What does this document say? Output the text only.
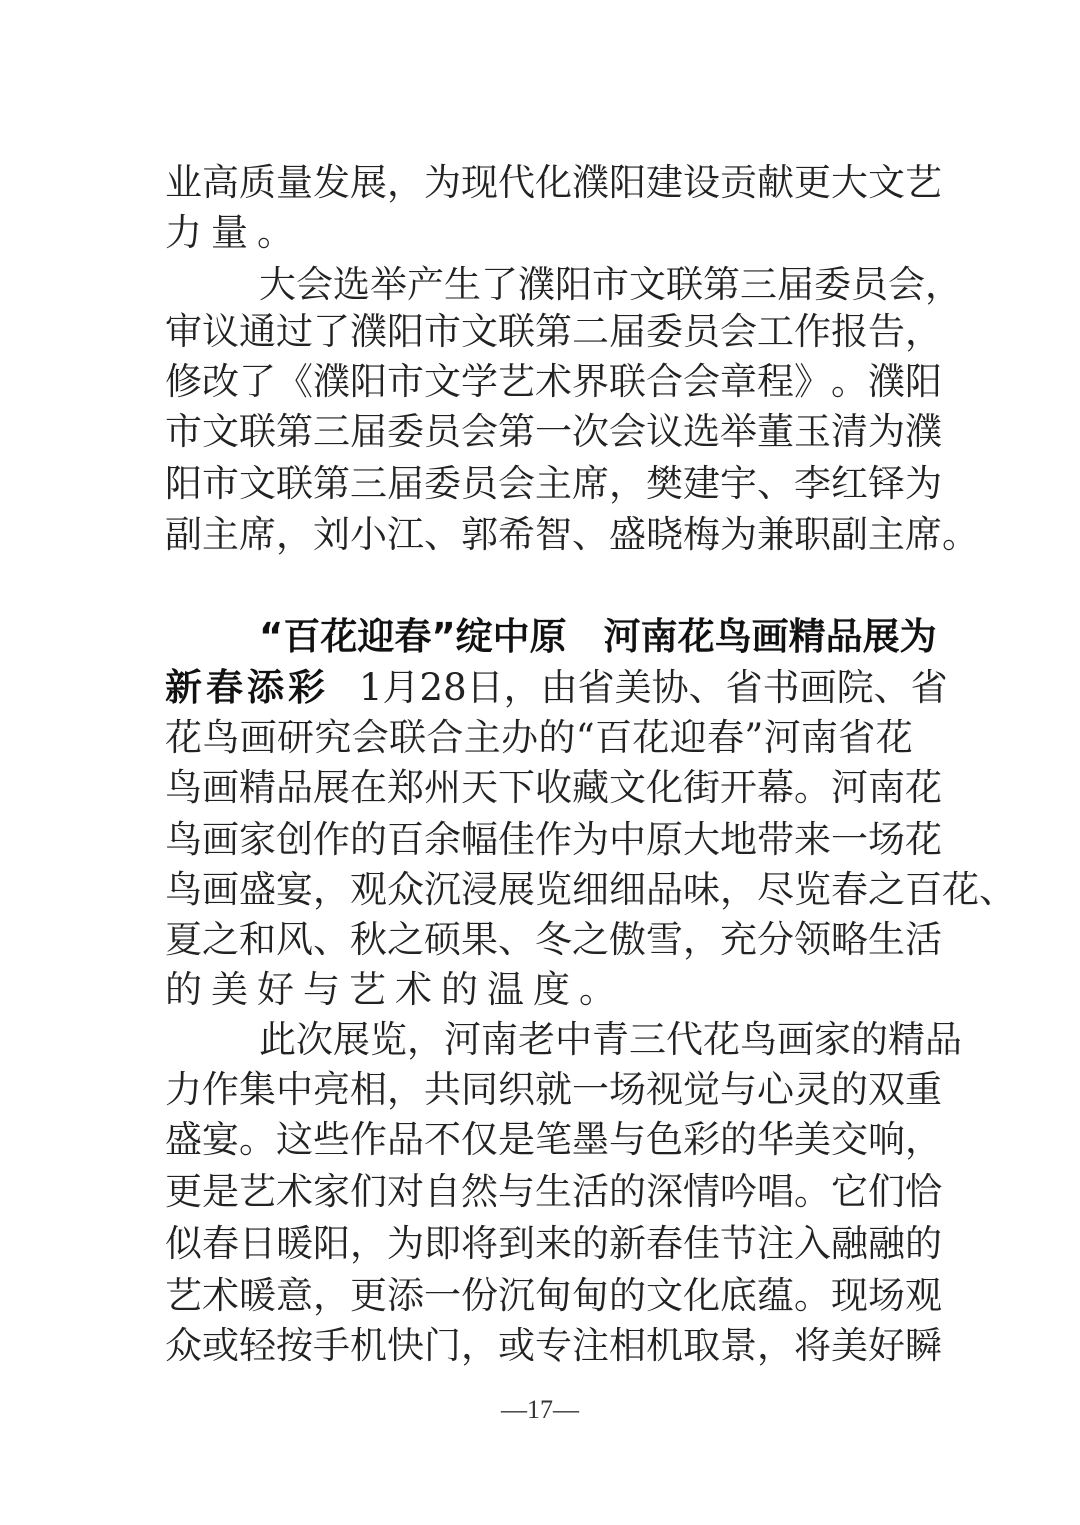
业 高 质 量 发 展 ， 为 现 代 化 濮 阳 建 设 贡 献 更 大 文 艺
力量。
大 会 选 举 产 生 了 濮 阳 市 文 联 第 三 届 委 员 会 ，
审 议 通 过 了 濮 阳 市 文 联 第 二 届 委 员 会 工 作 报 告 ，
修 改 了 《 濮 阳 市 文 学 艺 术 界 联 合 会 章 程 》 。 濮 阳
市 文 联 第 三 届 委 员 会 第 一 次 会 议 选 举 董 玉 清 为 濮
阳 市 文 联 第 三 届 委 员 会 主 席 ， 樊 建 宇 、 李 红 铎 为
副 主 席 ， 刘 小 江 、 郭 希 智 、 盛 晓 梅 为 兼 职 副 主 席 。
“ 百 花 迎 春 ” 绽 中 原
　 河 南 花 鸟 画 精 品 展 为
新春添彩 1 月 2 8 日 ， 由 省 美 协 、 省 书 画 院 、 省
花 鸟 画 研 究 会 联 合 主 办 的 “ 百 花 迎 春 ” 河 南 省 花
鸟 画 精 品 展 在 郑 州 天 下 收 藏 文 化 街 开 幕 。 河 南 花
鸟 画 家 创 作 的 百 余 幅 佳 作 为 中 原 大 地 带 来 一 场 花
鸟 画 盛 宴 ， 观 众 沉 浸 展 览 细 细 品 味 ， 尽 览 春 之 百 花 、
夏 之 和 风 、 秋 之 硕 果 、 冬 之 傲 雪 ， 充 分 领 略 生 活
的美好与艺术的温度。
此 次 展 览 ， 河 南 老 中 青 三 代 花 鸟 画 家 的 精 品
力 作 集 中 亮 相 ， 共 同 织 就 一 场 视 觉 与 心 灵 的 双 重
盛 宴 。 这 些 作 品 不 仅 是 笔 墨 与 色 彩 的 华 美 交 响 ，
更 是 艺 术 家 们 对 自 然 与 生 活 的 深 情 吟 唱 。 它 们 恰
似 春 日 暖 阳 ， 为 即 将 到 来 的 新 春 佳 节 注 入 融 融 的
艺 术 暖 意 ， 更 添 一 份 沉 甸 甸 的 文 化 底 蕴 。 现 场 观
众 或 轻 按 手 机 快 门 ， 或 专 注 相 机 取 景 ， 将 美 好 瞬
—17—
